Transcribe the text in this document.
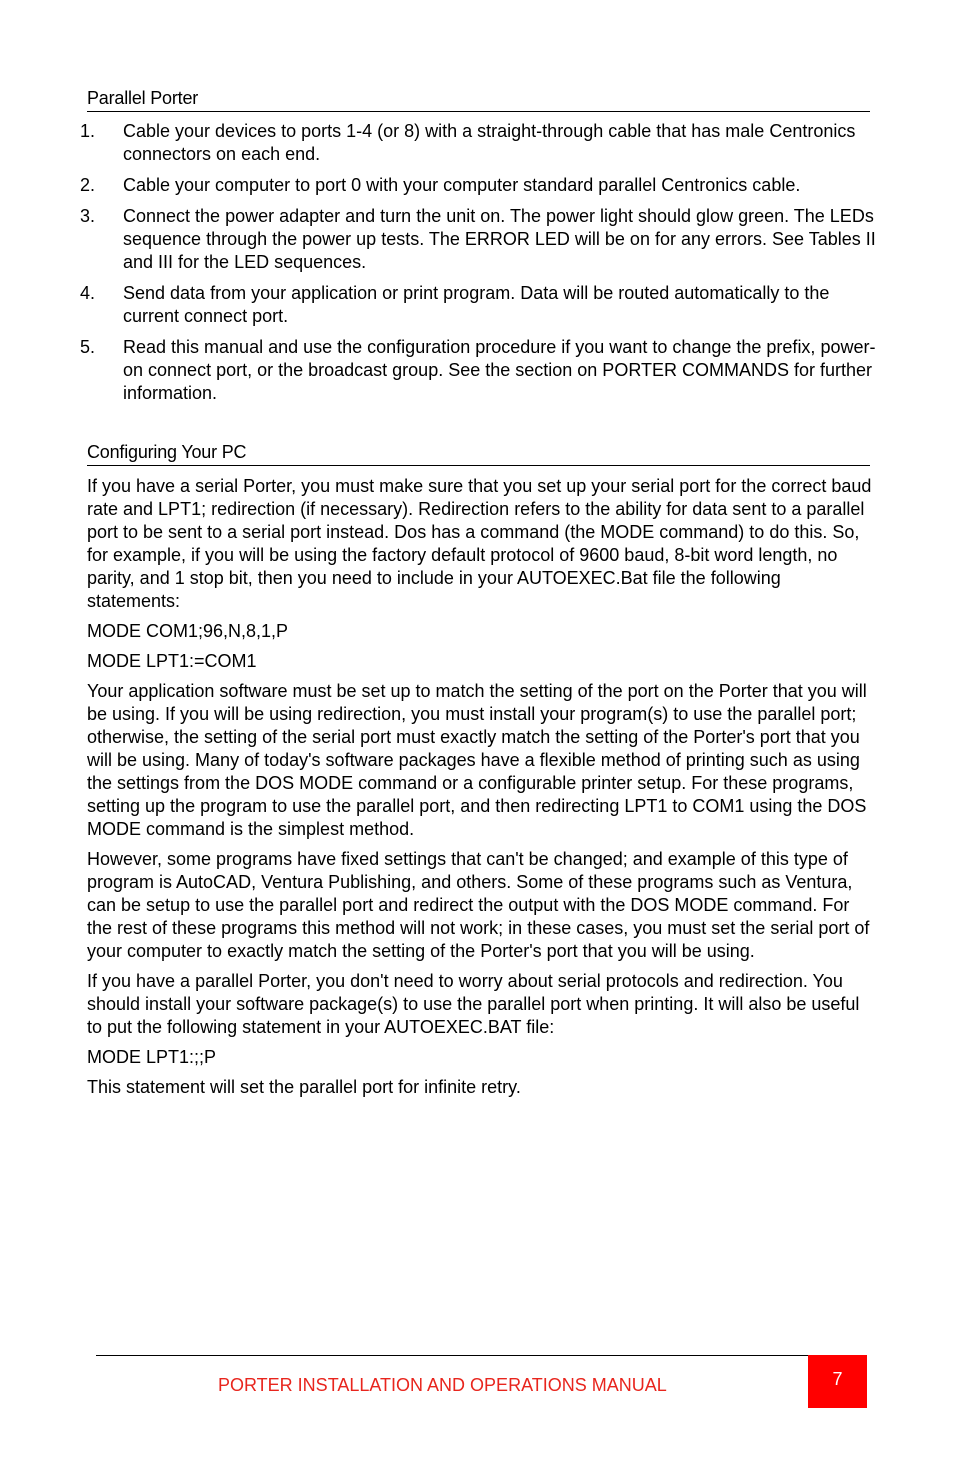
Parallel Porter
1. Cable your devices to ports 1-4 (or 8) with a straight-through cable that has male Centronics connectors on each end.
2. Cable your computer to port 0 with your computer standard parallel Centronics cable.
3. Connect the power adapter and turn the unit on. The power light should glow green. The LEDs sequence through the power up tests. The ERROR LED will be on for any errors. See Tables II and III for the LED sequences.
4. Send data from your application or print program. Data will be routed automatically to the current connect port.
5. Read this manual and use the configuration procedure if you want to change the prefix, power-on connect port, or the broadcast group. See the section on PORTER COMMANDS for further information.
Configuring Your PC

If you have a serial Porter, you must make sure that you set up your serial port for the correct baud rate and LPT1; redirection (if necessary). Redirection refers to the ability for data sent to a parallel port to be sent to a serial port instead. Dos has a command (the MODE command) to do this. So, for example, if you will be using the factory default protocol of 9600 baud, 8-bit word length, no parity, and 1 stop bit, then you need to include in your AUTOEXEC.Bat file the following statements:

MODE COM1;96,N,8,1,P

MODE LPT1:=COM1

Your application software must be set up to match the setting of the port on the Porter that you will be using. If you will be using redirection, you must install your program(s) to use the parallel port; otherwise, the setting of the serial port must exactly match the setting of the Porter's port that you will be using. Many of today's software packages have a flexible method of printing such as using the settings from the DOS MODE command or a configurable printer setup. For these programs, setting up the program to use the parallel port, and then redirecting LPT1 to COM1 using the DOS MODE command is the simplest method.

However, some programs have fixed settings that can't be changed; and example of this type of program is AutoCAD, Ventura Publishing, and others. Some of these programs such as Ventura, can be setup to use the parallel port and redirect the output with the DOS MODE command. For the rest of these programs this method will not work; in these cases, you must set the serial port of your computer to exactly match the setting of the Porter's port that you will be using.

If you have a parallel Porter, you don't need to worry about serial protocols and redirection. You should install your software package(s) to use the parallel port when printing. It will also be useful to put the following statement in your AUTOEXEC.BAT file:

MODE LPT1:;;P

This statement will set the parallel port for infinite retry.

PORTER INSTALLATION AND OPERATIONS MANUAL	7
